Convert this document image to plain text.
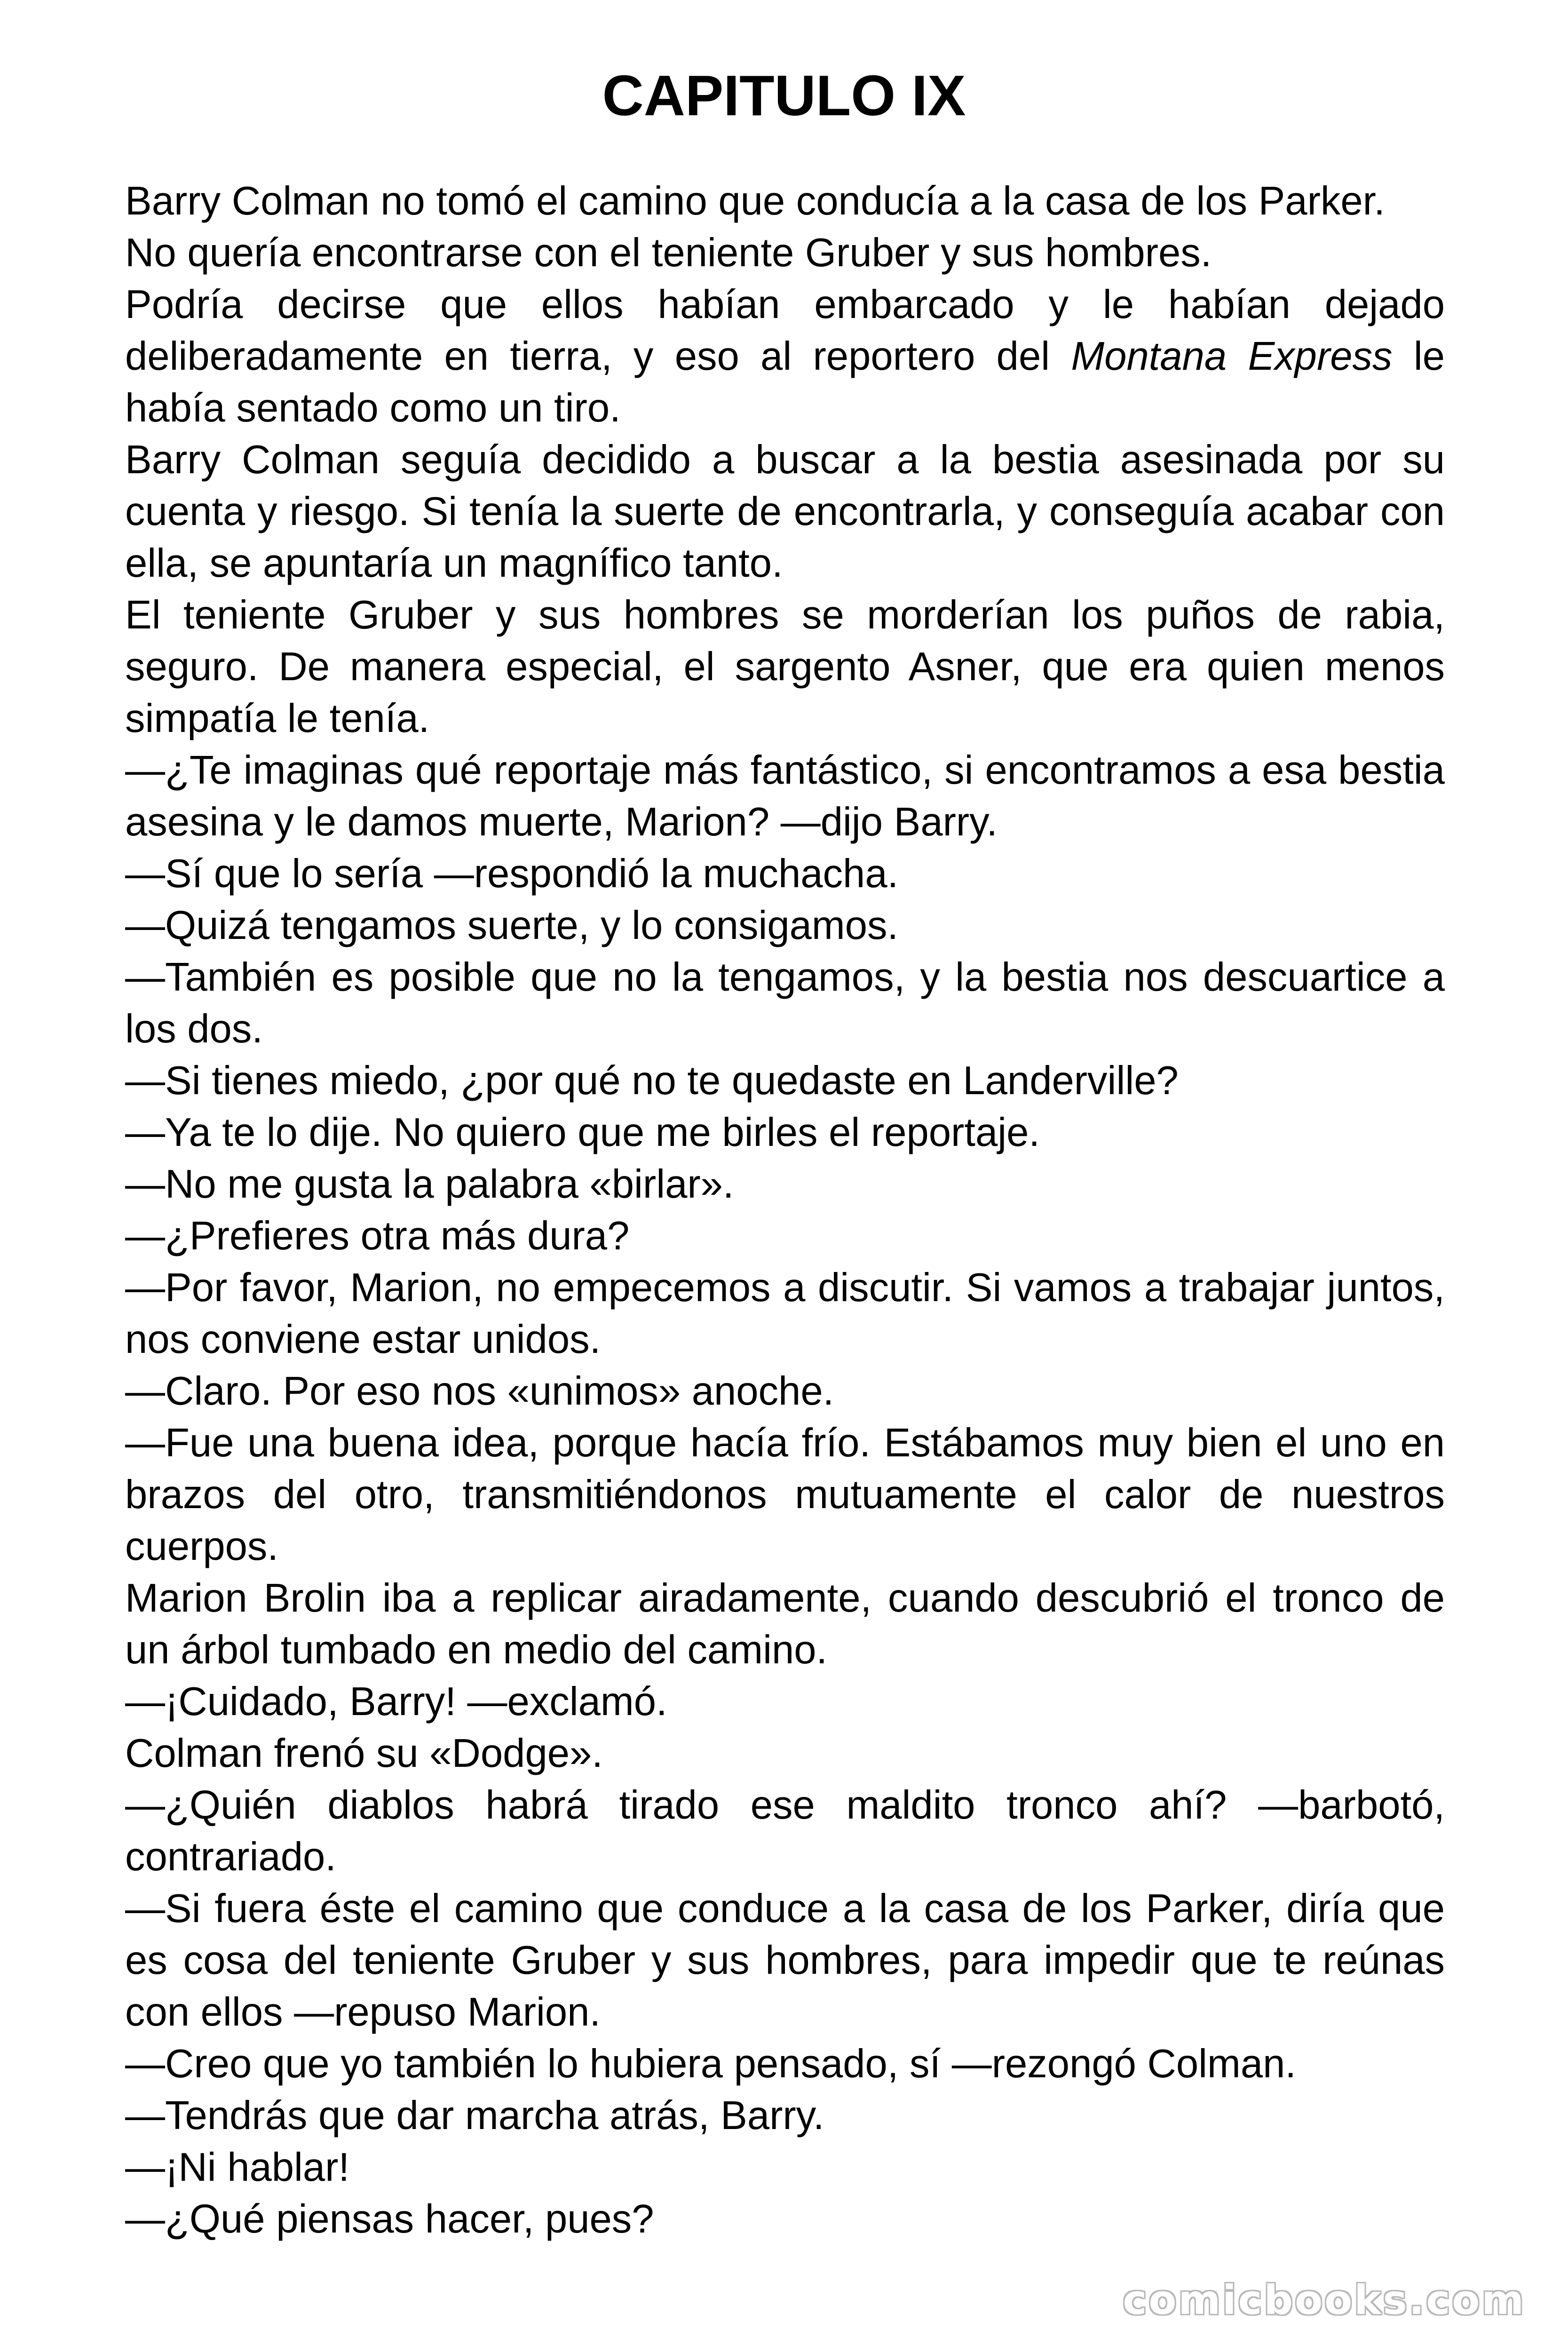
CAPITULO IX

Barry Colman no tomó el camino que conducía a la casa de los Parker.

No quería encontrarse con el teniente Gruber y sus hombres.

Podría decirse que ellos habían embarcado y le habían dejado deliberadamente en tierra, y eso al reportero del Montana Express le había sentado como un tiro.

Barry Colman seguía decidido a buscar a la bestia asesinada por su cuenta y riesgo. Si tenía la suerte de encontrarla, y conseguía acabar con ella, se apuntaría un magnífico tanto.

El teniente Gruber y sus hombres se morderían los puños de rabia, seguro. De manera especial, el sargento Asner, que era quien menos simpatía le tenía.

—¿Te imaginas qué reportaje más fantástico, si encontramos a esa bestia asesina y le damos muerte, Marion? —dijo Barry.

—Sí que lo sería —respondió la muchacha.

—Quizá tengamos suerte, y lo consigamos.

—También es posible que no la tengamos, y la bestia nos descuartice a los dos.

—Si tienes miedo, ¿por qué no te quedaste en Landerville?

—Ya te lo dije. No quiero que me birles el reportaje.

—No me gusta la palabra «birlar».

—¿Prefieres otra más dura?

—Por favor, Marion, no empecemos a discutir. Si vamos a trabajar juntos, nos conviene estar unidos.

—Claro. Por eso nos «unimos» anoche.

—Fue una buena idea, porque hacía frío. Estábamos muy bien el uno en brazos del otro, transmitiéndonos mutuamente el calor de nuestros cuerpos.

Marion Brolin iba a replicar airadamente, cuando descubrió el tronco de un árbol tumbado en medio del camino.

—¡Cuidado, Barry! —exclamó.

Colman frenó su «Dodge».

—¿Quién diablos habrá tirado ese maldito tronco ahí? —barbotó, contrariado.

—Si fuera éste el camino que conduce a la casa de los Parker, diría que es cosa del teniente Gruber y sus hombres, para impedir que te reúnas con ellos —repuso Marion.

—Creo que yo también lo hubiera pensado, sí —rezongó Colman.

—Tendrás que dar marcha atrás, Barry.

—¡Ni hablar!

—¿Qué piensas hacer, pues?

comicbooks.com
